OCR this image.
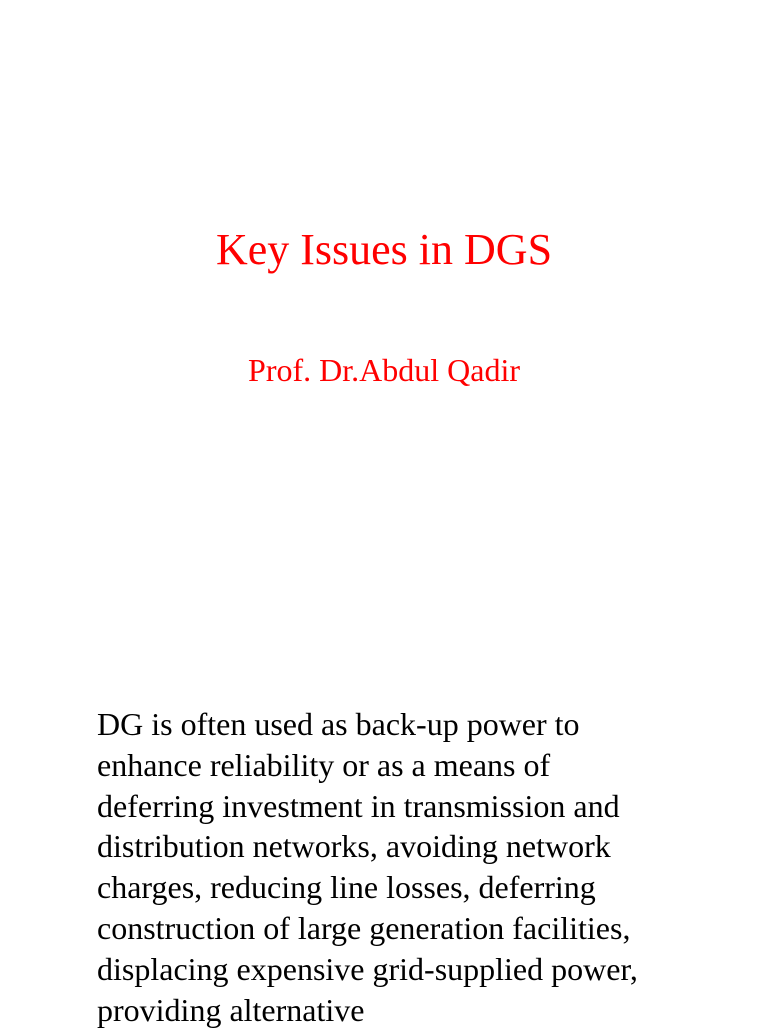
Key Issues in DGS

Prof. Dr.Abdul Qadir

DG is often used as back-up power to enhance reliability or as a means of deferring investment in transmission and distribution networks, avoiding network charges, reducing line losses, deferring construction of large generation facilities, displacing expensive grid-supplied power, providing alternative
